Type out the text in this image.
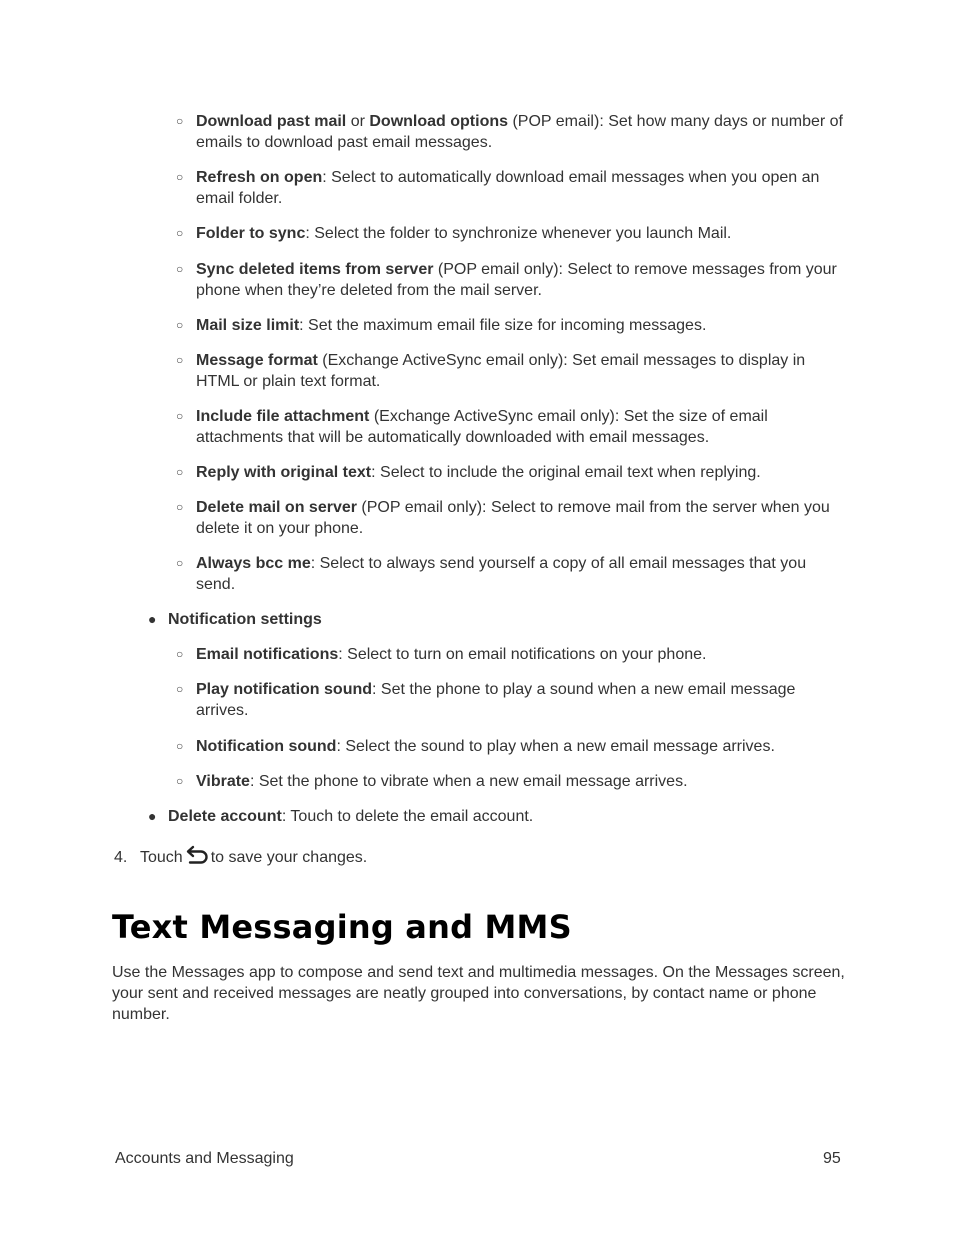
○ Download past mail or Download options (POP email): Set how many days or number of emails to download past email messages.
○ Refresh on open: Select to automatically download email messages when you open an email folder.
○ Folder to sync: Select the folder to synchronize whenever you launch Mail.
○ Sync deleted items from server (POP email only): Select to remove messages from your phone when they’re deleted from the mail server.
○ Mail size limit: Set the maximum email file size for incoming messages.
○ Message format (Exchange ActiveSync email only): Set email messages to display in HTML or plain text format.
○ Include file attachment (Exchange ActiveSync email only): Set the size of email attachments that will be automatically downloaded with email messages.
○ Reply with original text: Select to include the original email text when replying.
○ Delete mail on server (POP email only): Select to remove mail from the server when you delete it on your phone.
○ Always bcc me: Select to always send yourself a copy of all email messages that you send.
● Notification settings
○ Email notifications: Select to turn on email notifications on your phone.
○ Play notification sound: Set the phone to play a sound when a new email message arrives.
○ Notification sound: Select the sound to play when a new email message arrives.
○ Vibrate: Set the phone to vibrate when a new email message arrives.
● Delete account: Touch to delete the email account.
4. Touch to save your changes.
Text Messaging and MMS

Use the Messages app to compose and send text and multimedia messages. On the Messages screen, your sent and received messages are neatly grouped into conversations, by contact name or phone number.

Accounts and Messaging	95
